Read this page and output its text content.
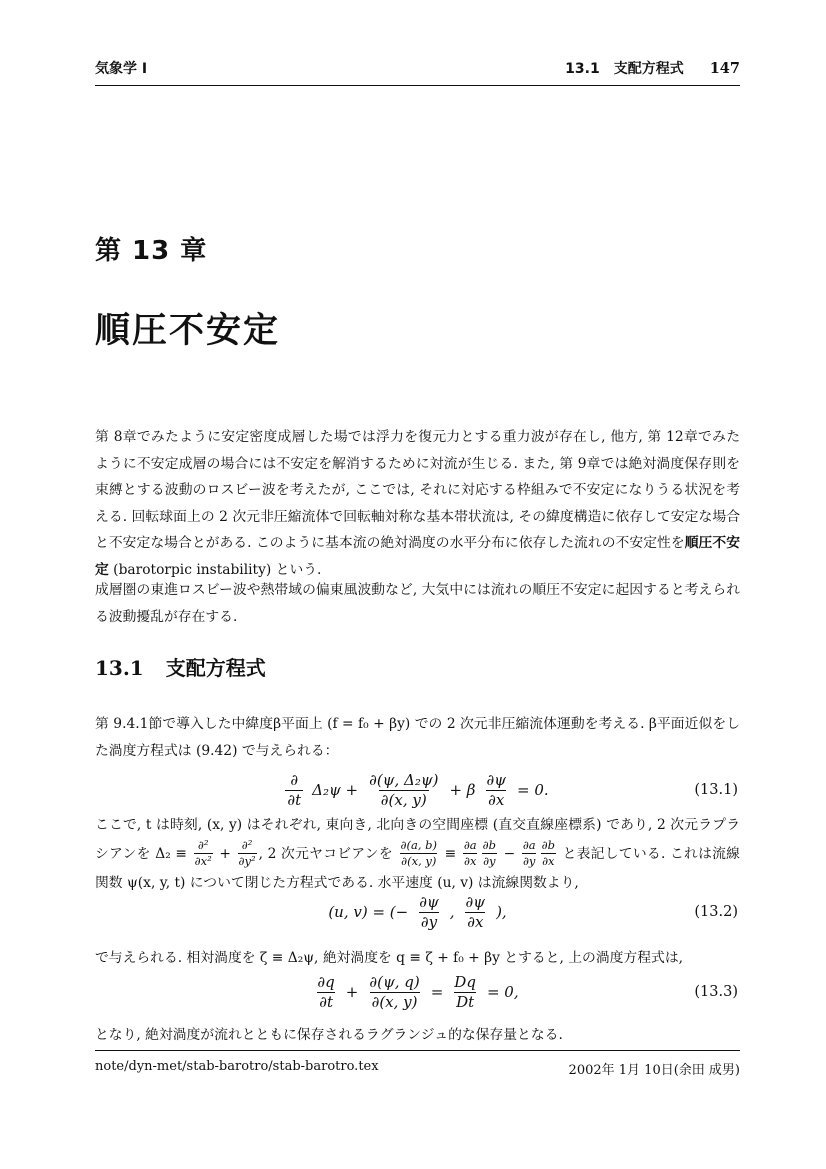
気象学 I	13.1　支配方程式 147
第 13 章
順圧不安定
第 8章でみたように安定密度成層した場では浮力を復元力とする重力波が存在し, 他方, 第 12章でみたように不安定成層の場合には不安定を解消するために対流が生じる. また, 第 9章では絶対渦度保存則を束縛とする波動のロスビー波を考えたが, ここでは, それに対応する枠組みで不安定になりうる状況を考える. 回転球面上の 2 次元非圧縮流体で回転軸対称な基本帯状流は, その緯度構造に依存して安定な場合と不安定な場合とがある. このように基本流の絶対渦度の水平分布に依存した流れの不安定性を順圧不安定 (barotorpic instability) という.
成層圏の東進ロスビー波や熱帯域の偏東風波動など, 大気中には流れの順圧不安定に起因すると考えられる波動擾乱が存在する.
13.1 支配方程式
第 9.4.1節で導入した中緯度β平面上 (f = f₀ + βy) での 2 次元非圧縮流体運動を考える. β平面近似をした渦度方程式は (9.42) で与えられる：
$\frac{\partial}{\partial t} \Delta_2\psi + \frac{\text{∂(ψ, Δ₂ψ)}}{\partial(x, y)} + \beta \frac{\partial\psi}{\partial x} = 0$.	(13.1)
ここで, t は時刻, (x, y) はそれぞれ, 東向き, 北向きの空間座標 (直交直線座標系) であり, 2 次元ラプラシアンを $\Delta_2 \equiv \frac{\text{∂²}}{\text{∂x²}} + \frac{\text{∂²}}{\text{∂y²}}$ , 2 次元ヤコビアンを $\frac{\partial(a, b)}{\partial(x, y)} \equiv \frac{\partial a}{\partial x} \frac{\partial b}{\partial y} - \frac{\partial a}{\partial y} \frac{\partial b}{\partial x}$ と表記している. これは流線関数 ψ(x, y, t) について閉じた方程式である. 水平速度 (u, v) は流線関数より,
(u, v) = (− $\frac{\partial\psi}{\partial y}$ , $\frac{\partial\psi}{\partial x}$ ),	(13.2)
で与えられる. 相対渦度を ζ ≡ Δ₂ψ, 絶対渦度を q ≡ ζ + f₀ + βy とすると, 上の渦度方程式は,
$\frac{\partial q}{\partial t} + \frac{\partial(\psi, q)}{\partial(x, y)} = \frac{Dq}{Dt} = 0$,	(13.3)
となり, 絶対渦度が流れとともに保存されるラグランジュ的な保存量となる.
note/dyn-met/stab-barotro/stab-barotro.tex	2002年 1月 10日(余田 成男)
